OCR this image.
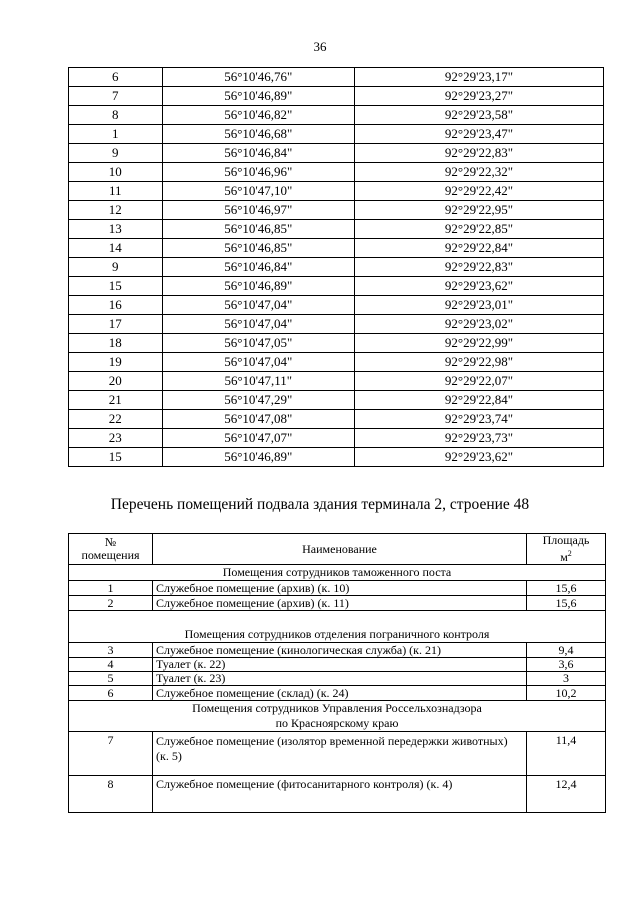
36
6	56°10'46,76"	92°29'23,17"
7	56°10'46,89"	92°29'23,27"
8	56°10'46,82"	92°29'23,58"
1	56°10'46,68"	92°29'23,47"
9	56°10'46,84"	92°29'22,83"
10	56°10'46,96"	92°29'22,32"
11	56°10'47,10"	92°29'22,42"
12	56°10'46,97"	92°29'22,95"
13	56°10'46,85"	92°29'22,85"
14	56°10'46,85"	92°29'22,84"
9	56°10'46,84"	92°29'22,83"
15	56°10'46,89"	92°29'23,62"
16	56°10'47,04"	92°29'23,01"
17	56°10'47,04"	92°29'23,02"
18	56°10'47,05"	92°29'22,99"
19	56°10'47,04"	92°29'22,98"
20	56°10'47,11"	92°29'22,07"
21	56°10'47,29"	92°29'22,84"
22	56°10'47,08"	92°29'23,74"
23	56°10'47,07"	92°29'23,73"
15	56°10'46,89"	92°29'23,62"
Перечень помещений подвала здания терминала 2, строение 48
№
помещения	Наименование	Площадь
$м^2$
Помещения сотрудников таможенного поста		
1	Служебное помещение (архив) (к. 10)	15,6
2	Служебное помещение (архив) (к. 11)	15,6
Помещения сотрудников отделения пограничного контроля		
3	Служебное помещение (кинологическая служба) (к. 21)	9,4
4	Туалет (к. 22)	3,6
5	Туалет (к. 23)	3
6	Служебное помещение (склад) (к. 24)	10,2
Помещения сотрудников Управления Россельхознадзора
по Красноярскому краю		
7	Служебное помещение (изолятор временной передержки животных) (к. 5)	11,4
8	Служебное помещение (фитосанитарного контроля) (к. 4)	12,4
